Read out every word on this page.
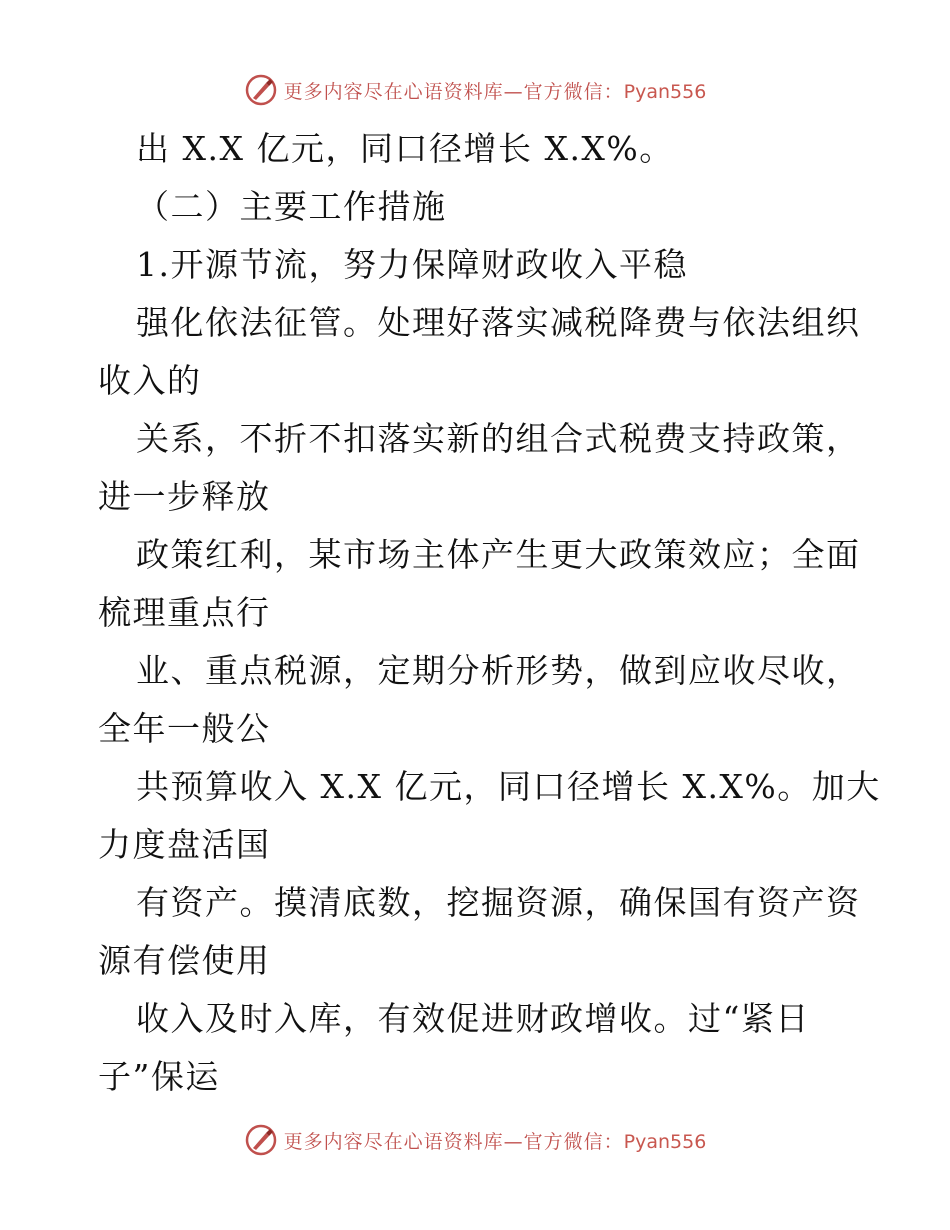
更多内容尽在心语资料库—官方微信：Pyan556
出 X.X 亿元，同口径增长 X.X%。
（二）主要工作措施
1.开源节流，努力保障财政收入平稳
强化依法征管。处理好落实减税降费与依法组织
收入的
关系，不折不扣落实新的组合式税费支持政策，
进一步释放
政策红利，某市场主体产生更大政策效应；全面
梳理重点行
业、重点税源，定期分析形势，做到应收尽收，
全年一般公
共预算收入 X.X 亿元，同口径增长 X.X%。加大
力度盘活国
有资产。摸清底数，挖掘资源，确保国有资产资
源有偿使用
收入及时入库，有效促进财政增收。过“紧日
子”保运
更多内容尽在心语资料库—官方微信：Pyan556
